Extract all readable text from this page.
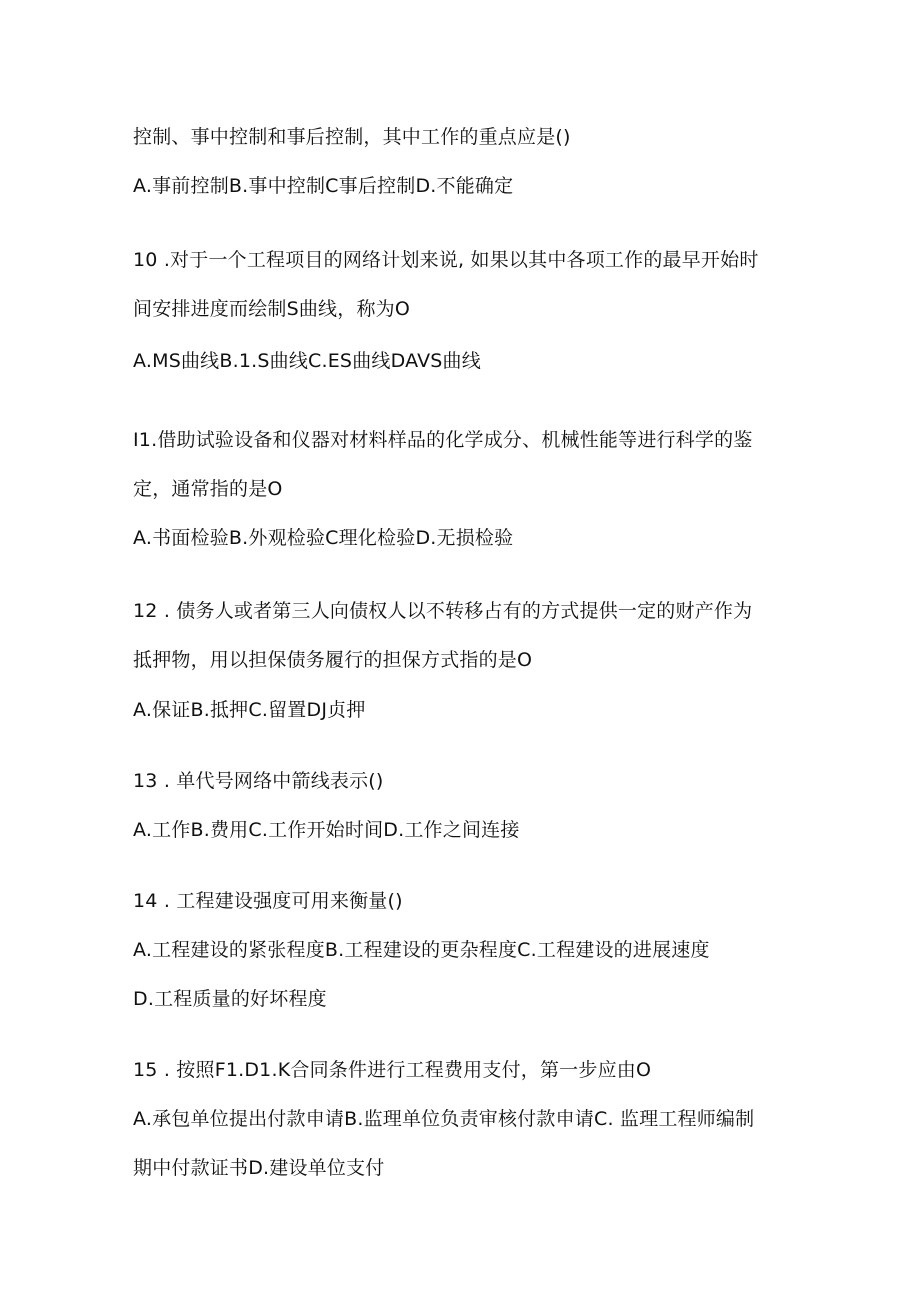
控制、事中控制和事后控制，其中工作的重点应是()
A.事前控制B.事中控制C事后控制D.不能确定
10 .对于一个工程项目的网络计划来说, 如果以其中各项工作的最早开始时
间安排进度而绘制S曲线，称为O
A.MS曲线B.1.S曲线C.ES曲线DAVS曲线
I1.借助试验设备和仪器对材料样品的化学成分、机械性能等进行科学的鉴
定，通常指的是O
A.书面检验B.外观检验C理化检验D.无损检验
12 . 债务人或者第三人向债权人以不转移占有的方式提供一定的财产作为
抵押物，用以担保债务履行的担保方式指的是O
A.保证B.抵押C.留置DJ贞押
13 . 单代号网络中箭线表示()
A.工作B.费用C.工作开始时间D.工作之间连接
14 . 工程建设强度可用来衡量()
A.工程建设的紧张程度B.工程建设的更杂程度C.工程建设的进展速度
D.工程质量的好坏程度
15 . 按照F1.D1.K合同条件进行工程费用支付，第一步应由O
A.承包单位提出付款申请B.监理单位负责审核付款申请C. 监理工程师编制
期中付款证书D.建设单位支付
